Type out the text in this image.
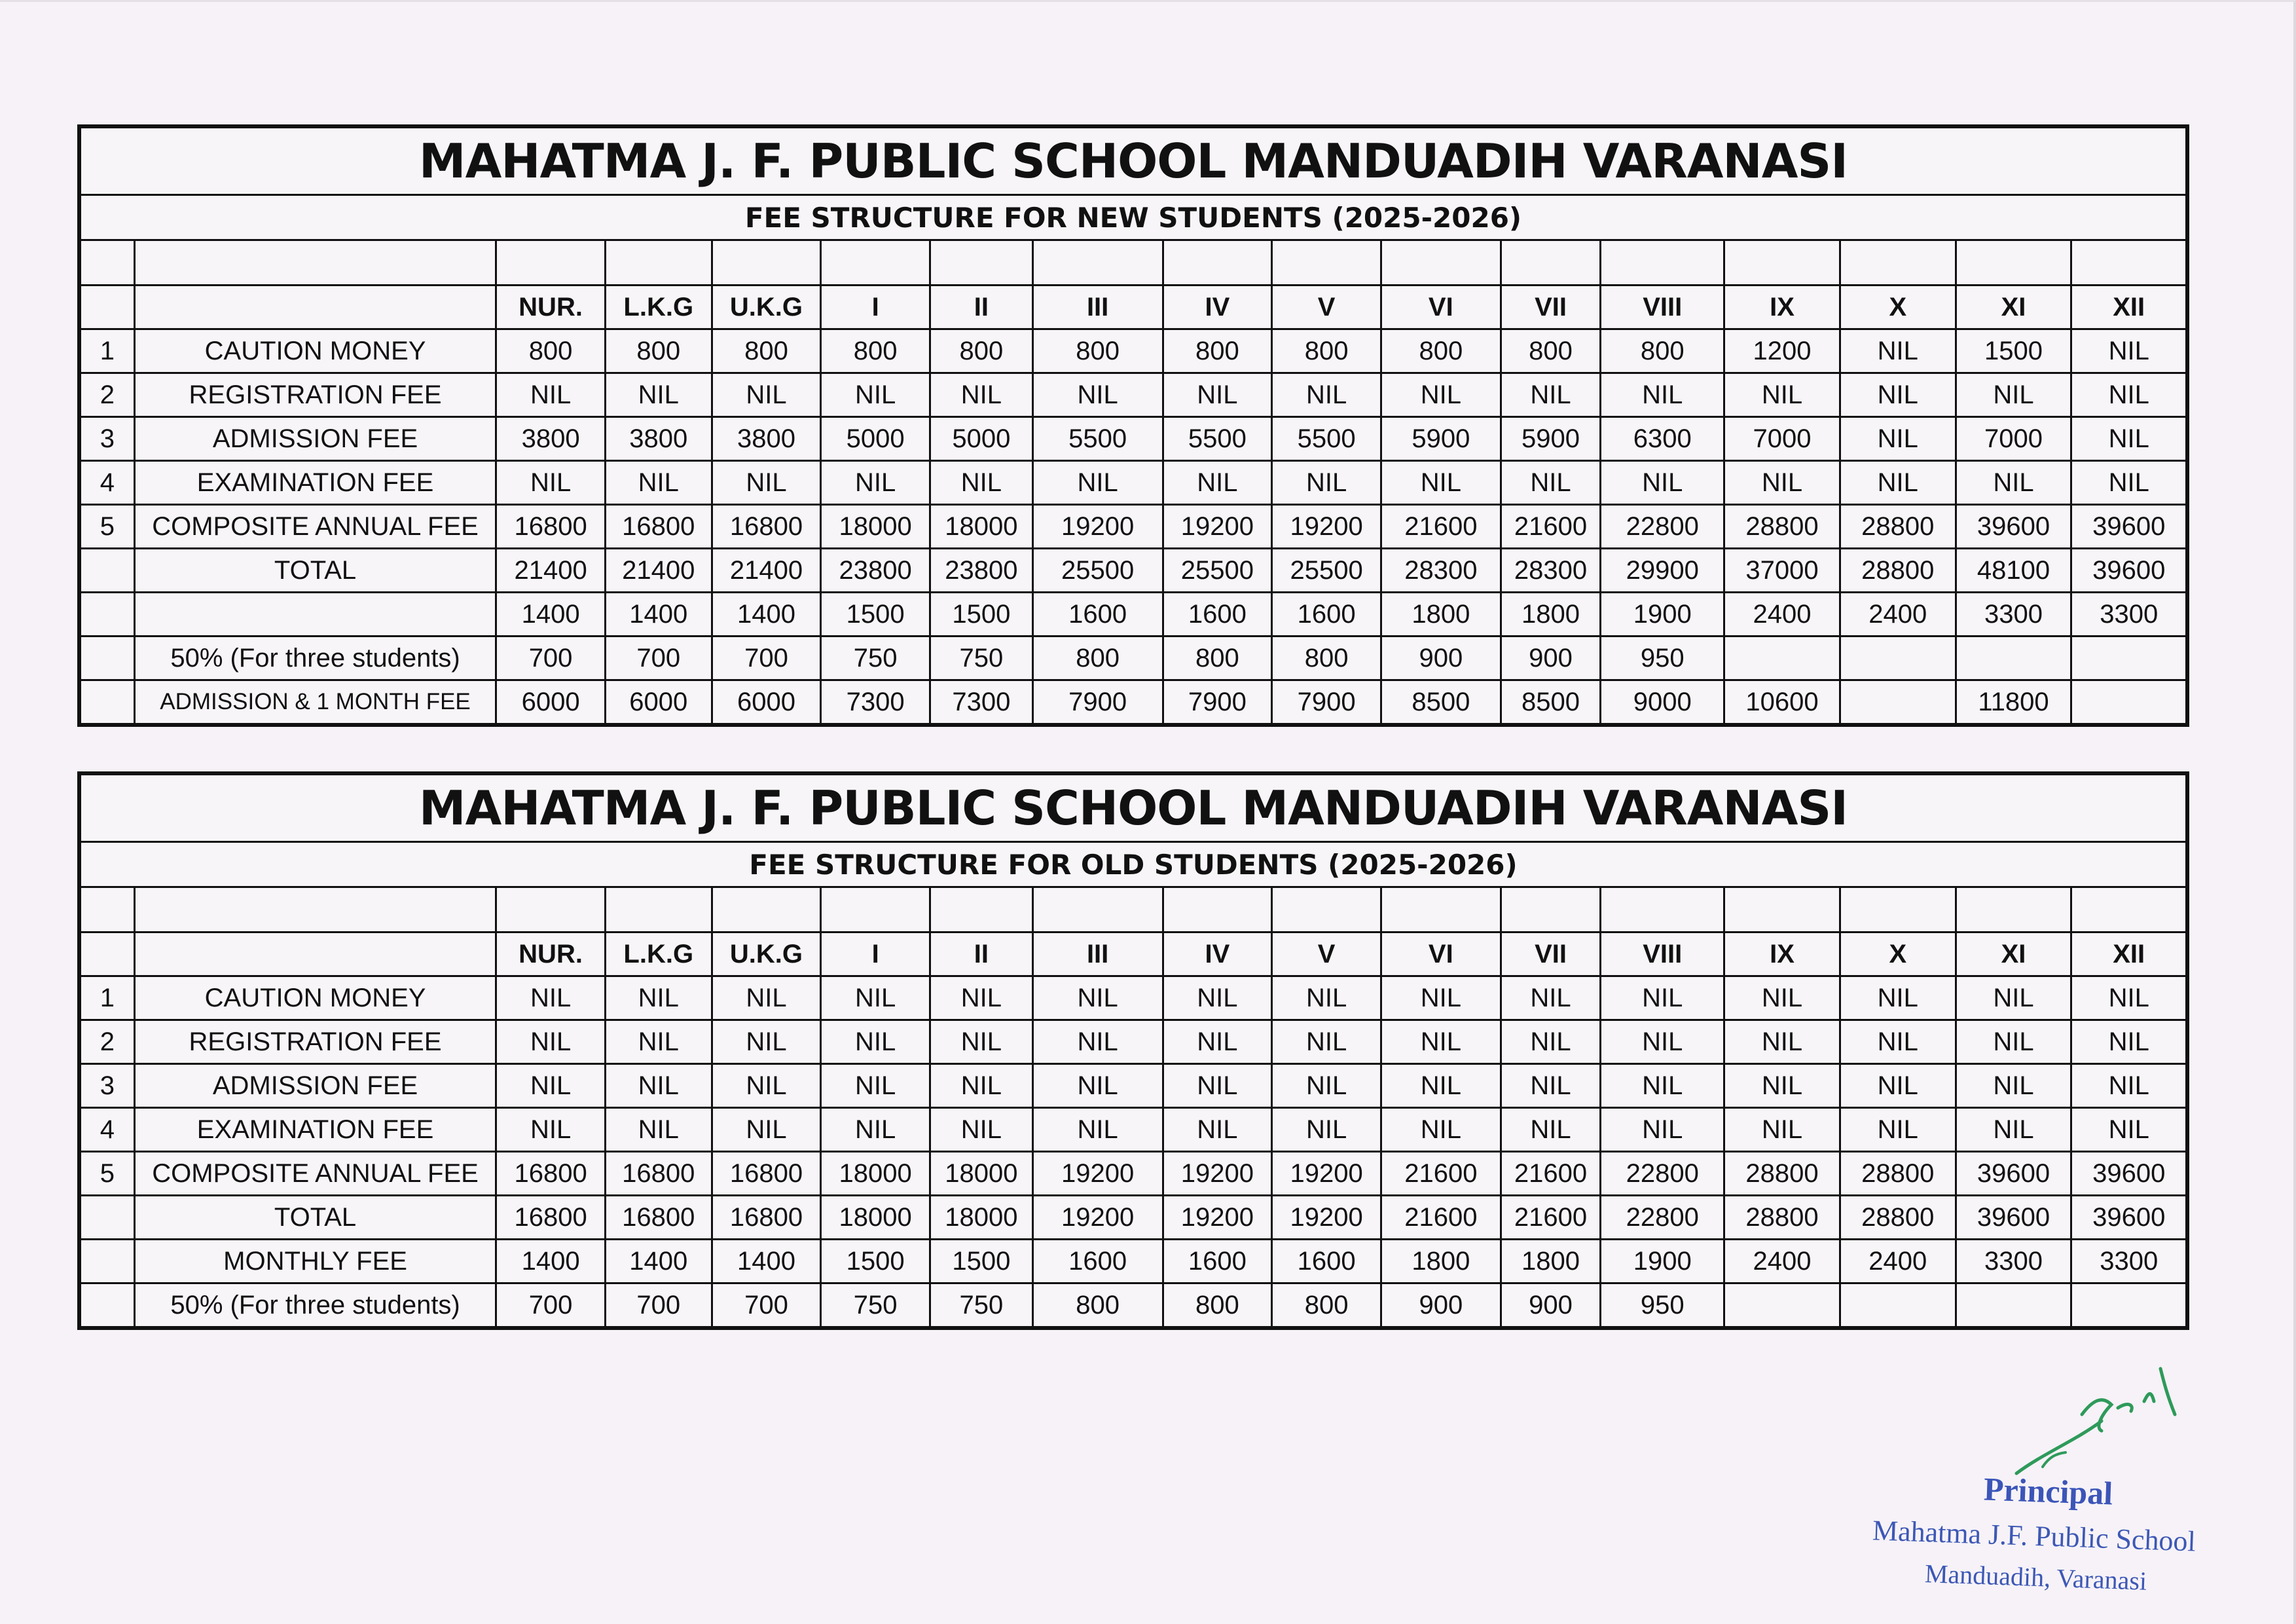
MAHATMA J. F. PUBLIC SCHOOL MANDUADIH VARANASI																
FEE STRUCTURE FOR NEW STUDENTS (2025-2026)																

		NUR.	L.K.G	U.K.G	I	II	III	IV	V	VI	VII	VIII	IX	X	XI	XII
1	CAUTION MONEY	800	800	800	800	800	800	800	800	800	800	800	1200	NIL	1500	NIL
2	REGISTRATION FEE	NIL	NIL	NIL	NIL	NIL	NIL	NIL	NIL	NIL	NIL	NIL	NIL	NIL	NIL	NIL
3	ADMISSION FEE	3800	3800	3800	5000	5000	5500	5500	5500	5900	5900	6300	7000	NIL	7000	NIL
4	EXAMINATION FEE	NIL	NIL	NIL	NIL	NIL	NIL	NIL	NIL	NIL	NIL	NIL	NIL	NIL	NIL	NIL
5	COMPOSITE ANNUAL FEE	16800	16800	16800	18000	18000	19200	19200	19200	21600	21600	22800	28800	28800	39600	39600
	TOTAL	21400	21400	21400	23800	23800	25500	25500	25500	28300	28300	29900	37000	28800	48100	39600
		1400	1400	1400	1500	1500	1600	1600	1600	1800	1800	1900	2400	2400	3300	3300
	50% (For three students)	700	700	700	750	750	800	800	800	900	900	950				
	ADMISSION & 1 MONTH FEE	6000	6000	6000	7300	7300	7900	7900	7900	8500	8500	9000	10600		11800	
MAHATMA J. F. PUBLIC SCHOOL MANDUADIH VARANASI																
FEE STRUCTURE FOR OLD STUDENTS (2025-2026)																

		NUR.	L.K.G	U.K.G	I	II	III	IV	V	VI	VII	VIII	IX	X	XI	XII
1	CAUTION MONEY	NIL	NIL	NIL	NIL	NIL	NIL	NIL	NIL	NIL	NIL	NIL	NIL	NIL	NIL	NIL
2	REGISTRATION FEE	NIL	NIL	NIL	NIL	NIL	NIL	NIL	NIL	NIL	NIL	NIL	NIL	NIL	NIL	NIL
3	ADMISSION FEE	NIL	NIL	NIL	NIL	NIL	NIL	NIL	NIL	NIL	NIL	NIL	NIL	NIL	NIL	NIL
4	EXAMINATION FEE	NIL	NIL	NIL	NIL	NIL	NIL	NIL	NIL	NIL	NIL	NIL	NIL	NIL	NIL	NIL
5	COMPOSITE ANNUAL FEE	16800	16800	16800	18000	18000	19200	19200	19200	21600	21600	22800	28800	28800	39600	39600
	TOTAL	16800	16800	16800	18000	18000	19200	19200	19200	21600	21600	22800	28800	28800	39600	39600
	MONTHLY FEE	1400	1400	1400	1500	1500	1600	1600	1600	1800	1800	1900	2400	2400	3300	3300
	50% (For three students)	700	700	700	750	750	800	800	800	900	900	950				
Principal
Mahatma J.F. Public School
Manduadih, Varanasi
